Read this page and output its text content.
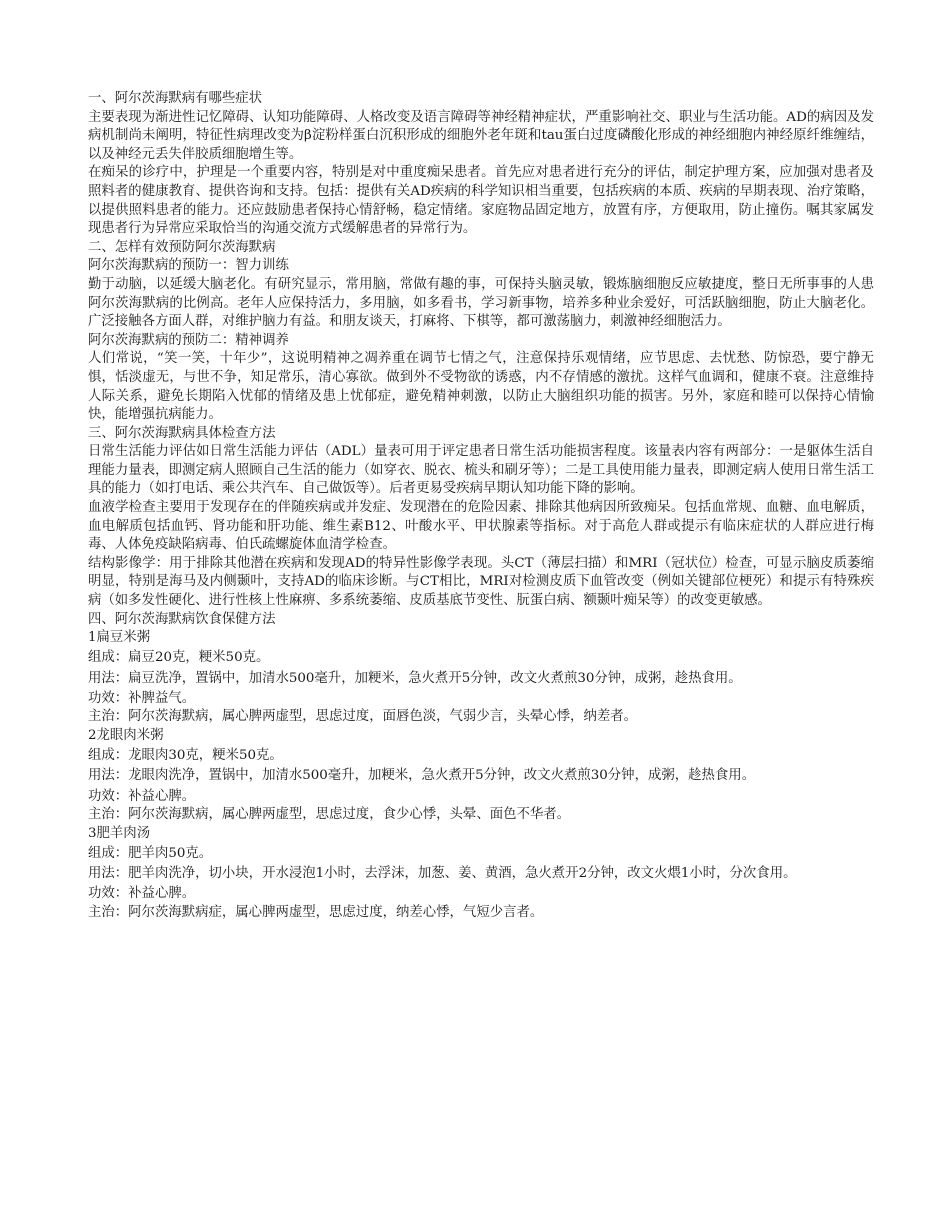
一、阿尔茨海默病有哪些症状

主要表现为渐进性记忆障碍、认知功能障碍、人格改变及语言障碍等神经精神症状，严重影响社交、职业与生活功能。AD的病因及发病机制尚未阐明，特征性病理改变为β淀粉样蛋白沉积形成的细胞外老年斑和tau蛋白过度磷酸化形成的神经细胞内神经原纤维缠结，以及神经元丢失伴胶质细胞增生等。

在痴呆的诊疗中，护理是一个重要内容，特别是对中重度痴呆患者。首先应对患者进行充分的评估，制定护理方案，应加强对患者及照料者的健康教育、提供咨询和支持。包括：提供有关AD疾病的科学知识相当重要，包括疾病的本质、疾病的早期表现、治疗策略，以提供照料患者的能力。还应鼓励患者保持心情舒畅，稳定情绪。家庭物品固定地方，放置有序，方便取用，防止撞伤。嘱其家属发现患者行为异常应采取恰当的沟通交流方式缓解患者的异常行为。

二、怎样有效预防阿尔茨海默病

阿尔茨海默病的预防一：智力训练

勤于动脑，以延缓大脑老化。有研究显示，常用脑，常做有趣的事，可保持头脑灵敏，锻炼脑细胞反应敏捷度，整日无所事事的人患阿尔茨海默病的比例高。老年人应保持活力，多用脑，如多看书，学习新事物，培养多种业余爱好，可活跃脑细胞，防止大脑老化。广泛接触各方面人群，对维护脑力有益。和朋友谈天，打麻将、下棋等，都可激荡脑力，刺激神经细胞活力。

阿尔茨海默病的预防二：精神调养

人们常说，“笑一笑，十年少”，这说明精神之凋养重在调节七情之气，注意保持乐观情绪，应节思虑、去忧愁、防惊恐，要宁静无惧，恬淡虚无，与世不争，知足常乐，清心寡欲。做到外不受物欲的诱惑，内不存情感的激扰。这样气血调和，健康不衰。注意维持人际关系，避免长期陷入忧郁的情绪及患上忧郁症，避免精神刺激，以防止大脑组织功能的损害。另外，家庭和睦可以保持心情愉快，能增强抗病能力。

三、阿尔茨海默病具体检查方法

日常生活能力评估如日常生活能力评估（ADL）量表可用于评定患者日常生活功能损害程度。该量表内容有两部分：一是躯体生活自理能力量表，即测定病人照顾自己生活的能力（如穿衣、脱衣、梳头和刷牙等）；二是工具使用能力量表，即测定病人使用日常生活工具的能力（如打电话、乘公共汽车、自己做饭等）。后者更易受疾病早期认知功能下降的影响。

血液学检查主要用于发现存在的伴随疾病或并发症、发现潜在的危险因素、排除其他病因所致痴呆。包括血常规、血糖、血电解质，血电解质包括血钙、肾功能和肝功能、维生素B12、叶酸水平、甲状腺素等指标。对于高危人群或提示有临床症状的人群应进行梅毒、人体免疫缺陷病毒、伯氏疏螺旋体血清学检查。

结构影像学：用于排除其他潜在疾病和发现AD的特异性影像学表现。头CT（薄层扫描）和MRI（冠状位）检查，可显示脑皮质萎缩明显，特别是海马及内侧颞叶，支持AD的临床诊断。与CT相比，MRI对检测皮质下血管改变（例如关键部位梗死）和提示有特殊疾病（如多发性硬化、进行性核上性麻痹、多系统萎缩、皮质基底节变性、朊蛋白病、额颞叶痴呆等）的改变更敏感。

四、阿尔茨海默病饮食保健方法

1扁豆米粥

组成：扁豆20克，粳米50克。

用法：扁豆洗净，置锅中，加清水500毫升，加粳米，急火煮开5分钟，改文火煮煎30分钟，成粥，趁热食用。

功效：补脾益气。

主治：阿尔茨海默病，属心脾两虚型，思虑过度，面唇色淡，气弱少言，头晕心悸，纳差者。

2龙眼肉米粥

组成：龙眼肉30克，粳米50克。

用法：龙眼肉洗净，置锅中，加清水500毫升，加粳米，急火煮开5分钟，改文火煮煎30分钟，成粥，趁热食用。

功效：补益心脾。

主治：阿尔茨海默病，属心脾两虚型，思虑过度，食少心悸，头晕、面色不华者。

3肥羊肉汤

组成：肥羊肉50克。

用法：肥羊肉洗净，切小块，开水浸泡1小时，去浮沫，加葱、姜、黄酒，急火煮开2分钟，改文火煨1小时，分次食用。

功效：补益心脾。

主治：阿尔茨海默病症，属心脾两虚型，思虑过度，纳差心悸，气短少言者。
